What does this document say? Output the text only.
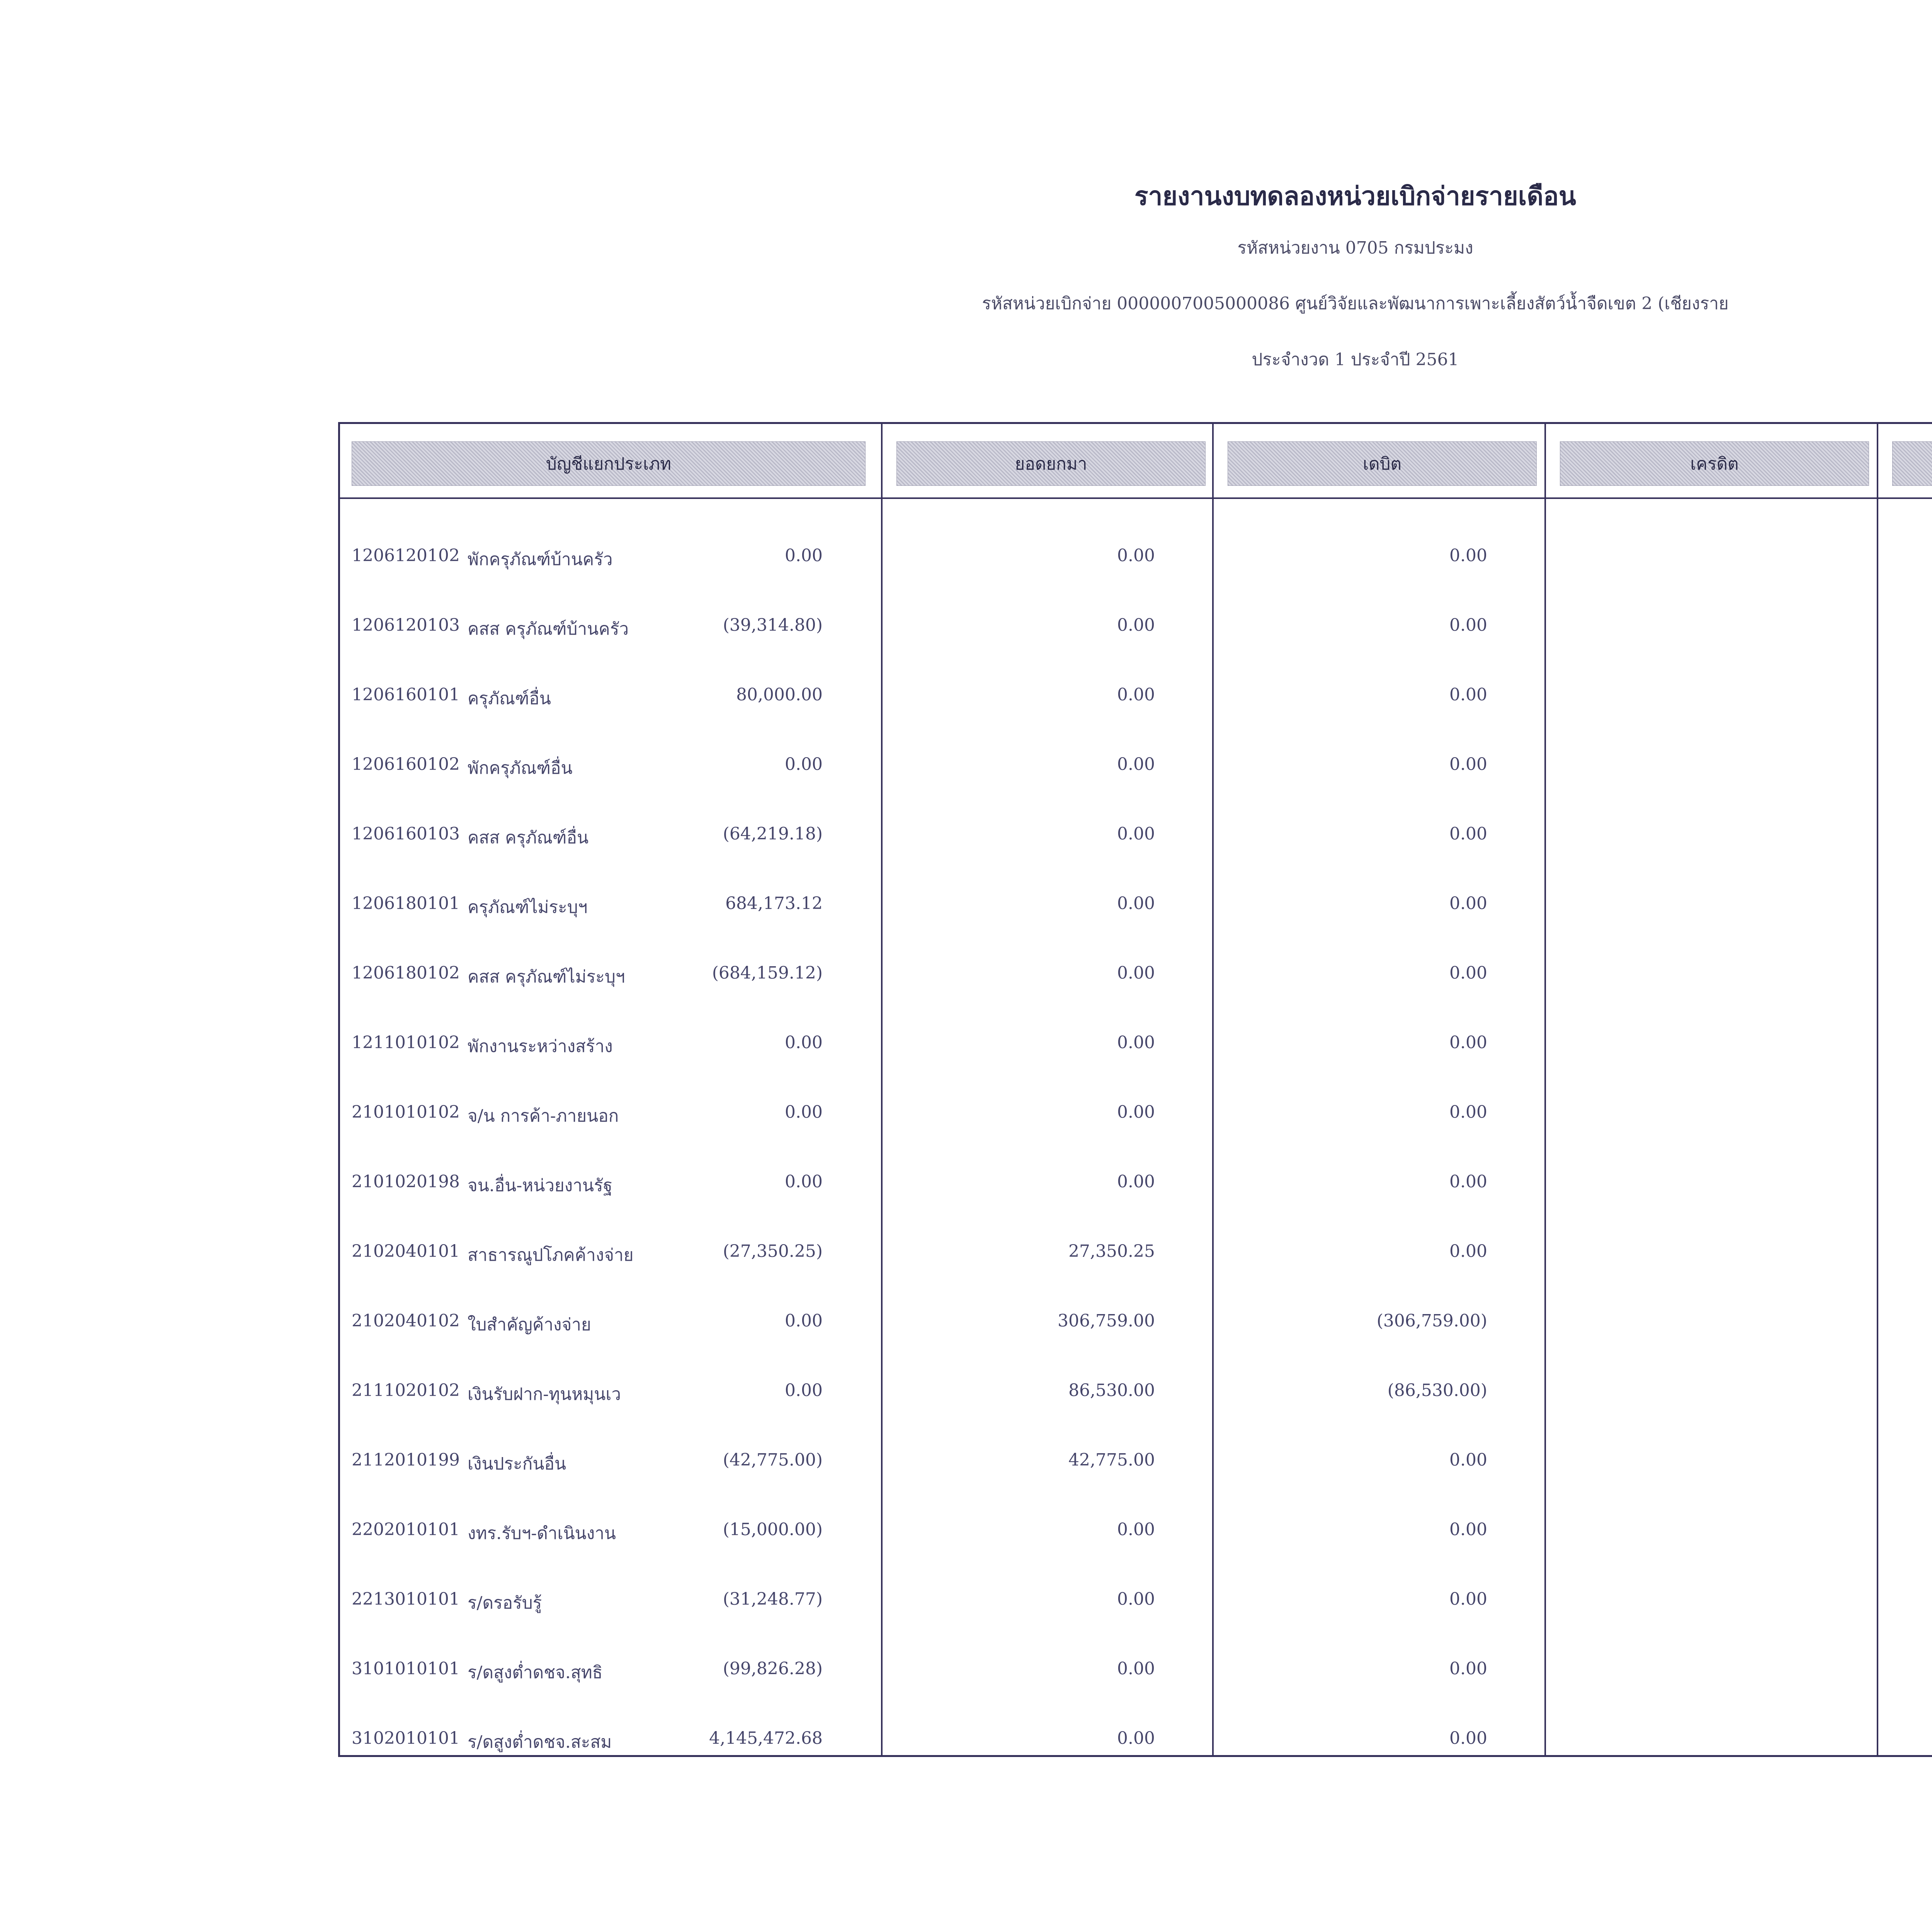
รายงานงบทดลองหน่วยเบิกจ่ายรายเดือน
รหัสหน่วยงาน 0705 กรมประมง
รหัสหน่วยเบิกจ่าย 0000007005000086 ศูนย์วิจัยและพัฒนาการเพาะเลี้ยงสัตว์น้ำจืดเขต 2 (เชียงราย
ประจำงวด 1 ประจำปี 2561
บัญชีแยกประเภท	ยอดยกมา	เดบิต	เครดิต
1206120102 พักครุภัณฑ์บ้านครัว	0.00	0.00	0.00
1206120103 คสส ครุภัณฑ์บ้านครัว	(39,314.80)	0.00	0.00
1206160101 ครุภัณฑ์อื่น	80,000.00	0.00	0.00
1206160102 พักครุภัณฑ์อื่น	0.00	0.00	0.00
1206160103 คสส ครุภัณฑ์อื่น	(64,219.18)	0.00	0.00
1206180101 ครุภัณฑ์ไม่ระบุฯ	684,173.12	0.00	0.00
1206180102 คสส ครุภัณฑ์ไม่ระบุฯ	(684,159.12)	0.00	0.00
1211010102 พักงานระหว่างสร้าง	0.00	0.00	0.00
2101010102 จ/น การค้า-ภายนอก	0.00	0.00	0.00
2101020198 จน.อื่น-หน่วยงานรัฐ	0.00	0.00	0.00
2102040101 สาธารณูปโภคค้างจ่าย	(27,350.25)	27,350.25	0.00
2102040102 ใบสำคัญค้างจ่าย	0.00	306,759.00	(306,759.00)
2111020102 เงินรับฝาก-ทุนหมุนเว	0.00	86,530.00	(86,530.00)
2112010199 เงินประกันอื่น	(42,775.00)	42,775.00	0.00
2202010101 งทร.รับฯ-ดำเนินงาน	(15,000.00)	0.00	0.00
2213010101 ร/ดรอรับรู้	(31,248.77)	0.00	0.00
3101010101 ร/ดสูงต่ำดชจ.สุทธิ	(99,826.28)	0.00	0.00
3102010101 ร/ดสูงต่ำดชจ.สะสม	4,145,472.68	0.00	0.00
